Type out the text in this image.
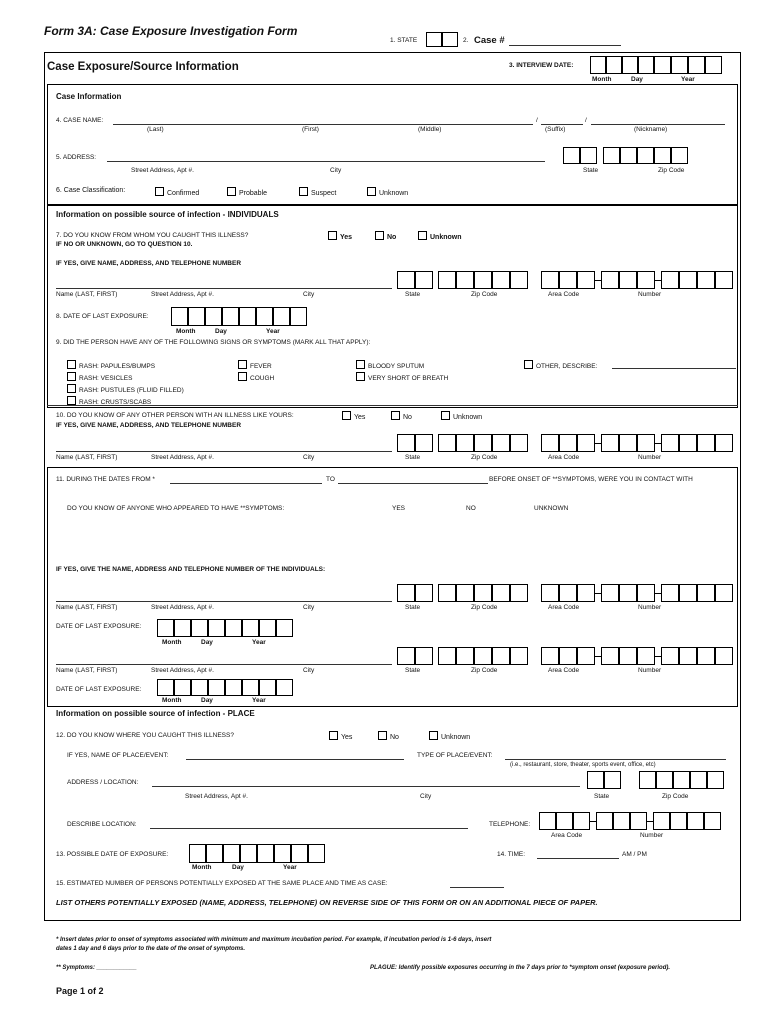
Form 3A: Case Exposure Investigation Form
1. STATE	2. Case #
Case Exposure/Source Information	3. INTERVIEW DATE:
Month	Day	Year
Case Information
4. CASE NAME:	/	/
(Last)	(First)	(Middle)	(Suffix)	(Nickname)
5. ADDRESS:
Street Address, Apt #.	City	State	Zip Code
6. Case Classification:	Confirmed	Probable	Suspect	Unknown
Information on possible source of infection - INDIVIDUALS
7. DO YOU KNOW FROM WHOM YOU CAUGHT THIS ILLNESS?
IF NO OR UNKNOWN, GO TO QUESTION 10.
Yes	No	Unknown
IF YES, GIVE NAME, ADDRESS, AND TELEPHONE NUMBER
Name (LAST, FIRST)	Street Address, Apt #.	City	State	Zip Code	Area Code	Number
8. DATE OF LAST EXPOSURE:
Month	Day	Year
9. DID THE PERSON HAVE ANY OF THE FOLLOWING SIGNS OR SYMPTOMS (MARK ALL THAT APPLY):
RASH: PAPULES/BUMPS
RASH: VESICLES
RASH: PUSTULES (FLUID FILLED)
RASH: CRUSTS/SCABS
FEVER
COUGH
BLOODY SPUTUM
VERY SHORT OF BREATH
OTHER, DESCRIBE:
10. DO YOU KNOW OF ANY OTHER PERSON WITH AN ILLNESS LIKE YOURS:	Yes	No	Unknown
IF YES, GIVE NAME, ADDRESS, AND TELEPHONE NUMBER
Name (LAST, FIRST)	Street Address, Apt #.	City	State	Zip Code	Area Code	Number
11. DURING THE DATES FROM *	TO	BEFORE ONSET OF **SYMPTOMS, WERE YOU IN CONTACT WITH
DO YOU KNOW OF ANYONE WHO APPEARED TO HAVE **SYMPTOMS:	YES	NO	UNKNOWN
IF YES, GIVE THE NAME, ADDRESS AND TELEPHONE NUMBER OF THE INDIVIDUALS:
Name (LAST, FIRST)	Street Address, Apt #.	City	State	Zip Code	Area Code	Number
DATE OF LAST EXPOSURE:
Month	Day	Year
Name (LAST, FIRST)	Street Address, Apt #.	City	State	Zip Code	Area Code	Number
DATE OF LAST EXPOSURE:
Month	Day	Year
Information on possible source of infection - PLACE
12. DO YOU KNOW WHERE YOU CAUGHT THIS ILLNESS?	Yes	No	Unknown
IF YES, NAME OF PLACE/EVENT:	TYPE OF PLACE/EVENT:
(i.e., restaurant, store, theater, sports event, office, etc)
ADDRESS / LOCATION:
Street Address, Apt #.	City	State	Zip Code
DESCRIBE LOCATION:	TELEPHONE:
Area Code	Number
13. POSSIBLE DATE OF EXPOSURE:
Month	Day	Year
14. TIME:	AM / PM
15. ESTIMATED NUMBER OF PERSONS POTENTIALLY EXPOSED AT THE SAME PLACE AND TIME AS CASE:
LIST OTHERS POTENTIALLY EXPOSED (NAME, ADDRESS, TELEPHONE) ON REVERSE SIDE OF THIS FORM OR ON AN ADDITIONAL PIECE OF PAPER.
* Insert dates prior to onset of symptoms associated with minimum and maximum incubation period. For example, if incubation period is 1-6 days, insert
dates 1 day and 6 days prior to the date of the onset of symptoms.
** Symptoms: ____________	PLAGUE: Identify possible exposures occurring in the 7 days prior to *symptom onset (exposure period).
Page 1 of 2
